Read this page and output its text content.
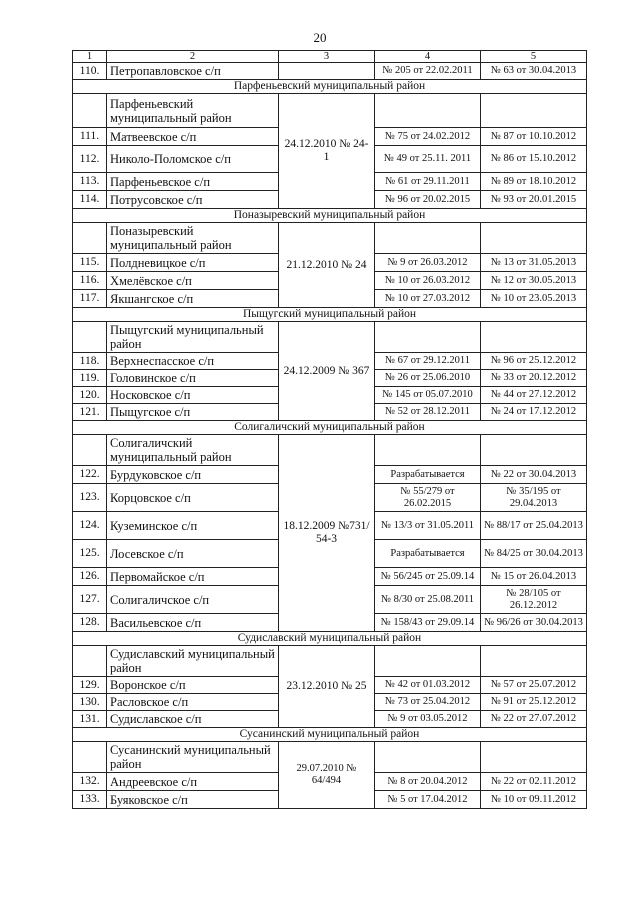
20
1	2	3	4	5
110.	Петропавловское с/п		№ 205 от 22.02.2011	№ 63 от 30.04.2013
Парфеньевский муниципальный район				
	Парфеньевский муниципальный район	24.12.2010 № 24-1		
111.	Матвеевское с/п		№ 75 от 24.02.2012	№ 87 от 10.10.2012
112.	Николо-Поломское с/п		№ 49 от 25.11. 2011	№ 86 от 15.10.2012
113.	Парфеньевское с/п		№ 61 от 29.11.2011	№ 89 от 18.10.2012
114.	Потрусовское с/п		№ 96 от 20.02.2015	№ 93 от 20.01.2015
Поназыревский муниципальный район				
	Поназыревский муниципальный район	21.12.2010 № 24		
115.	Полдневицкое с/п		№ 9 от 26.03.2012	№ 13 от 31.05.2013
116.	Хмелёвское с/п		№ 10 от 26.03.2012	№ 12 от 30.05.2013
117.	Якшангское с/п		№ 10 от 27.03.2012	№ 10 от 23.05.2013
Пыщугский муниципальный район				
	Пыщугский муниципальный район	24.12.2009 № 367		
118.	Верхнеспасское с/п		№ 67 от 29.12.2011	№ 96 от 25.12.2012
119.	Головинское с/п		№ 26 от 25.06.2010	№ 33 от 20.12.2012
120.	Носковское с/п		№ 145 от 05.07.2010	№ 44 от 27.12.2012
121.	Пыщугское с/п		№ 52 от 28.12.2011	№ 24 от 17.12.2012
Солигаличский муниципальный район				
	Солигаличский муниципальный район	18.12.2009 №731/ 54-3		
122.	Бурдуковское с/п		Разрабатывается	№ 22 от 30.04.2013
123.	Корцовское с/п		№ 55/279 от 26.02.2015	№ 35/195 от 29.04.2013
124.	Куземинское с/п		№ 13/3 от 31.05.2011	№ 88/17 от 25.04.2013
125.	Лосевское с/п		Разрабатывается	№ 84/25 от 30.04.2013
126.	Первомайское с/п		№ 56/245 от 25.09.14	№ 15 от 26.04.2013
127.	Солигаличское с/п		№ 8/30 от 25.08.2011	№ 28/105 от 26.12.2012
128.	Васильевское с/п		№ 158/43 от 29.09.14	№ 96/26 от 30.04.2013
Судиславский муниципальный район				
	Судиславский муниципальный район	23.12.2010 № 25		
129.	Воронское с/п		№ 42 от 01.03.2012	№ 57 от 25.07.2012
130.	Расловское с/п		№ 73 от 25.04.2012	№ 91 от 25.12.2012
131.	Судиславское с/п		№ 9 от 03.05.2012	№ 22 от 27.07.2012
Сусанинский муниципальный район				
	Сусанинский муниципальный район	29.07.2010 № 64/494		
132.	Андреевское с/п		№ 8 от 20.04.2012	№ 22 от 02.11.2012
133.	Буяковское с/п		№ 5 от 17.04.2012	№ 10 от 09.11.2012
